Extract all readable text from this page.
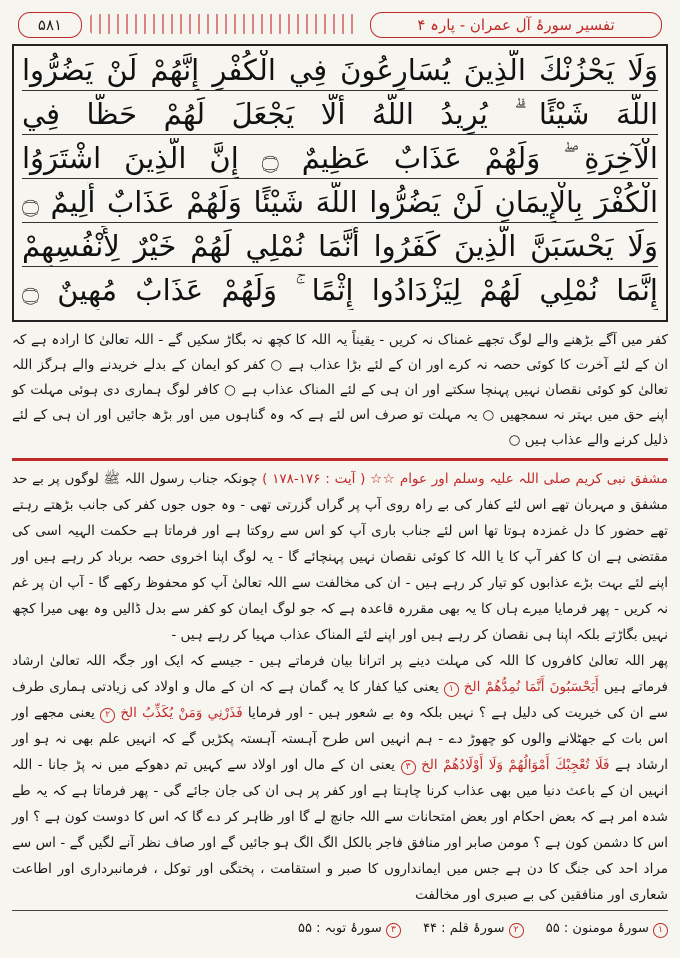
۵۸۱	تفسیر سورۂ آل عمران - پارہ ۴
وَلَا يَحْزُنْكَ الَّذِينَ يُسَارِعُونَ فِي الْكُفْرِ إِنَّهُمْ لَنْ يَضُرُّوا
اللَّهَ شَيْئًا ۗ يُرِيدُ اللَّهُ أَلَّا يَجْعَلَ لَهُمْ حَظًّا فِي
الْآخِرَةِ ۖ وَلَهُمْ عَذَابٌ عَظِيمٌ ۝ إِنَّ الَّذِينَ اشْتَرَوُا
الْكُفْرَ بِالْإِيمَانِ لَنْ يَضُرُّوا اللَّهَ شَيْئًا وَلَهُمْ عَذَابٌ أَلِيمٌ ۝
وَلَا يَحْسَبَنَّ الَّذِينَ كَفَرُوا أَنَّمَا نُمْلِي لَهُمْ خَيْرٌ لِأَنْفُسِهِمْ
إِنَّمَا نُمْلِي لَهُمْ لِيَزْدَادُوا إِثْمًا ۚ وَلَهُمْ عَذَابٌ مُهِينٌ ۝
کفر میں آگے بڑھنے والے لوگ تجھے غمناک نہ کریں - یقیناً یہ اللہ کا کچھ نہ بگاڑ سکیں گے - اللہ تعالیٰ کا ارادہ ہے کہ ان کے لئے آخرت کا کوئی حصہ نہ کرے اور ان کے لئے بڑا عذاب ہے ○ کفر کو ایمان کے بدلے خریدنے والے ہرگز اللہ تعالیٰ کو کوئی نقصان نہیں پہنچا سکتے اور ان ہی کے لئے المناک عذاب ہے ○ کافر لوگ ہماری دی ہوئی مہلت کو اپنے حق میں بہتر نہ سمجھیں ○ یہ مہلت تو صرف اس لئے ہے کہ وہ گناہوں میں اور بڑھ جائیں اور ان ہی کے لئے ذلیل کرنے والے عذاب ہیں ○
مشفق نبی کریم صلی اللہ علیہ وسلم اور عوام ☆☆ ( آیت : ۱۷۶-۱۷۸ ) چونکہ جناب رسول اللہ ﷺ لوگوں پر بے حد مشفق و مہربان تھے اس لئے کفار کی بے راہ روی آپ پر گراں گزرتی تھی - وہ جوں جوں کفر کی جانب بڑھتے رہتے تھے حضور کا دل غمزدہ ہوتا تھا اس لئے جناب باری آپ کو اس سے روکتا ہے اور فرماتا ہے حکمت الہیہ اسی کی مقتضی ہے ان کا کفر آپ کا یا اللہ کا کوئی نقصان نہیں پہنچائے گا - یہ لوگ اپنا اخروی حصہ برباد کر رہے ہیں اور اپنے لئے بہت بڑے عذابوں کو تیار کر رہے ہیں - ان کی مخالفت سے اللہ تعالیٰ آپ کو محفوظ رکھے گا - آپ ان پر غم نہ کریں - پھر فرمایا میرے ہاں کا یہ بھی مقررہ قاعدہ ہے کہ جو لوگ ایمان کو کفر سے بدل ڈالیں وہ بھی میرا کچھ نہیں بگاڑتے بلکہ اپنا ہی نقصان کر رہے ہیں اور اپنے لئے المناک عذاب مہیا کر رہے ہیں -
پھر اللہ تعالیٰ کافروں کا اللہ کی مہلت دینے پر اترانا بیان فرماتے ہیں - جیسے کہ ایک اور جگہ اللہ تعالیٰ ارشاد فرماتے ہیں أَيَحْسَبُونَ أَنَّمَا نُمِدُّهُمْ الخ ۱ یعنی کیا کفار کا یہ گمان ہے کہ ان کے مال و اولاد کی زیادتی ہماری طرف سے ان کی خیریت کی دلیل ہے ؟ نہیں بلکہ وہ بے شعور ہیں - اور فرمایا فَذَرْنِي وَمَنْ يُكَذِّبُ الخ ۲ یعنی مجھے اور اس بات کے جھٹلانے والوں کو چھوڑ دے - ہم انہیں اس طرح آہستہ آہستہ پکڑیں گے کہ انہیں علم بھی نہ ہو اور ارشاد ہے فَلَا تُعْجِبْكَ أَمْوَالُهُمْ وَلَا أَوْلَادُهُمْ الخ ۳ یعنی ان کے مال اور اولاد سے کہیں تم دھوکے میں نہ پڑ جانا - اللہ انہیں ان کے باعث دنیا میں بھی عذاب کرنا چاہتا ہے اور کفر پر ہی ان کی جان جائے گی - پھر فرماتا ہے کہ یہ طے شدہ امر ہے کہ بعض احکام اور بعض امتحانات سے اللہ جانچ لے گا اور ظاہر کر دے گا کہ اس کا دوست کون ہے ؟ اور اس کا دشمن کون ہے ؟ مومن صابر اور منافق فاجر بالکل الگ الگ ہو جائیں گے اور صاف نظر آنے لگیں گے - اس سے مراد احد کی جنگ کا دن ہے جس میں ایمانداروں کا صبر و استقامت ، پختگی اور توکل ، فرمانبرداری اور اطاعت شعاری اور منافقین کی بے صبری اور مخالفت
۱ سورۂ مومنون : ۵۵ ۲ سورۂ قلم : ۴۴ ۳ سورۂ توبہ : ۵۵
